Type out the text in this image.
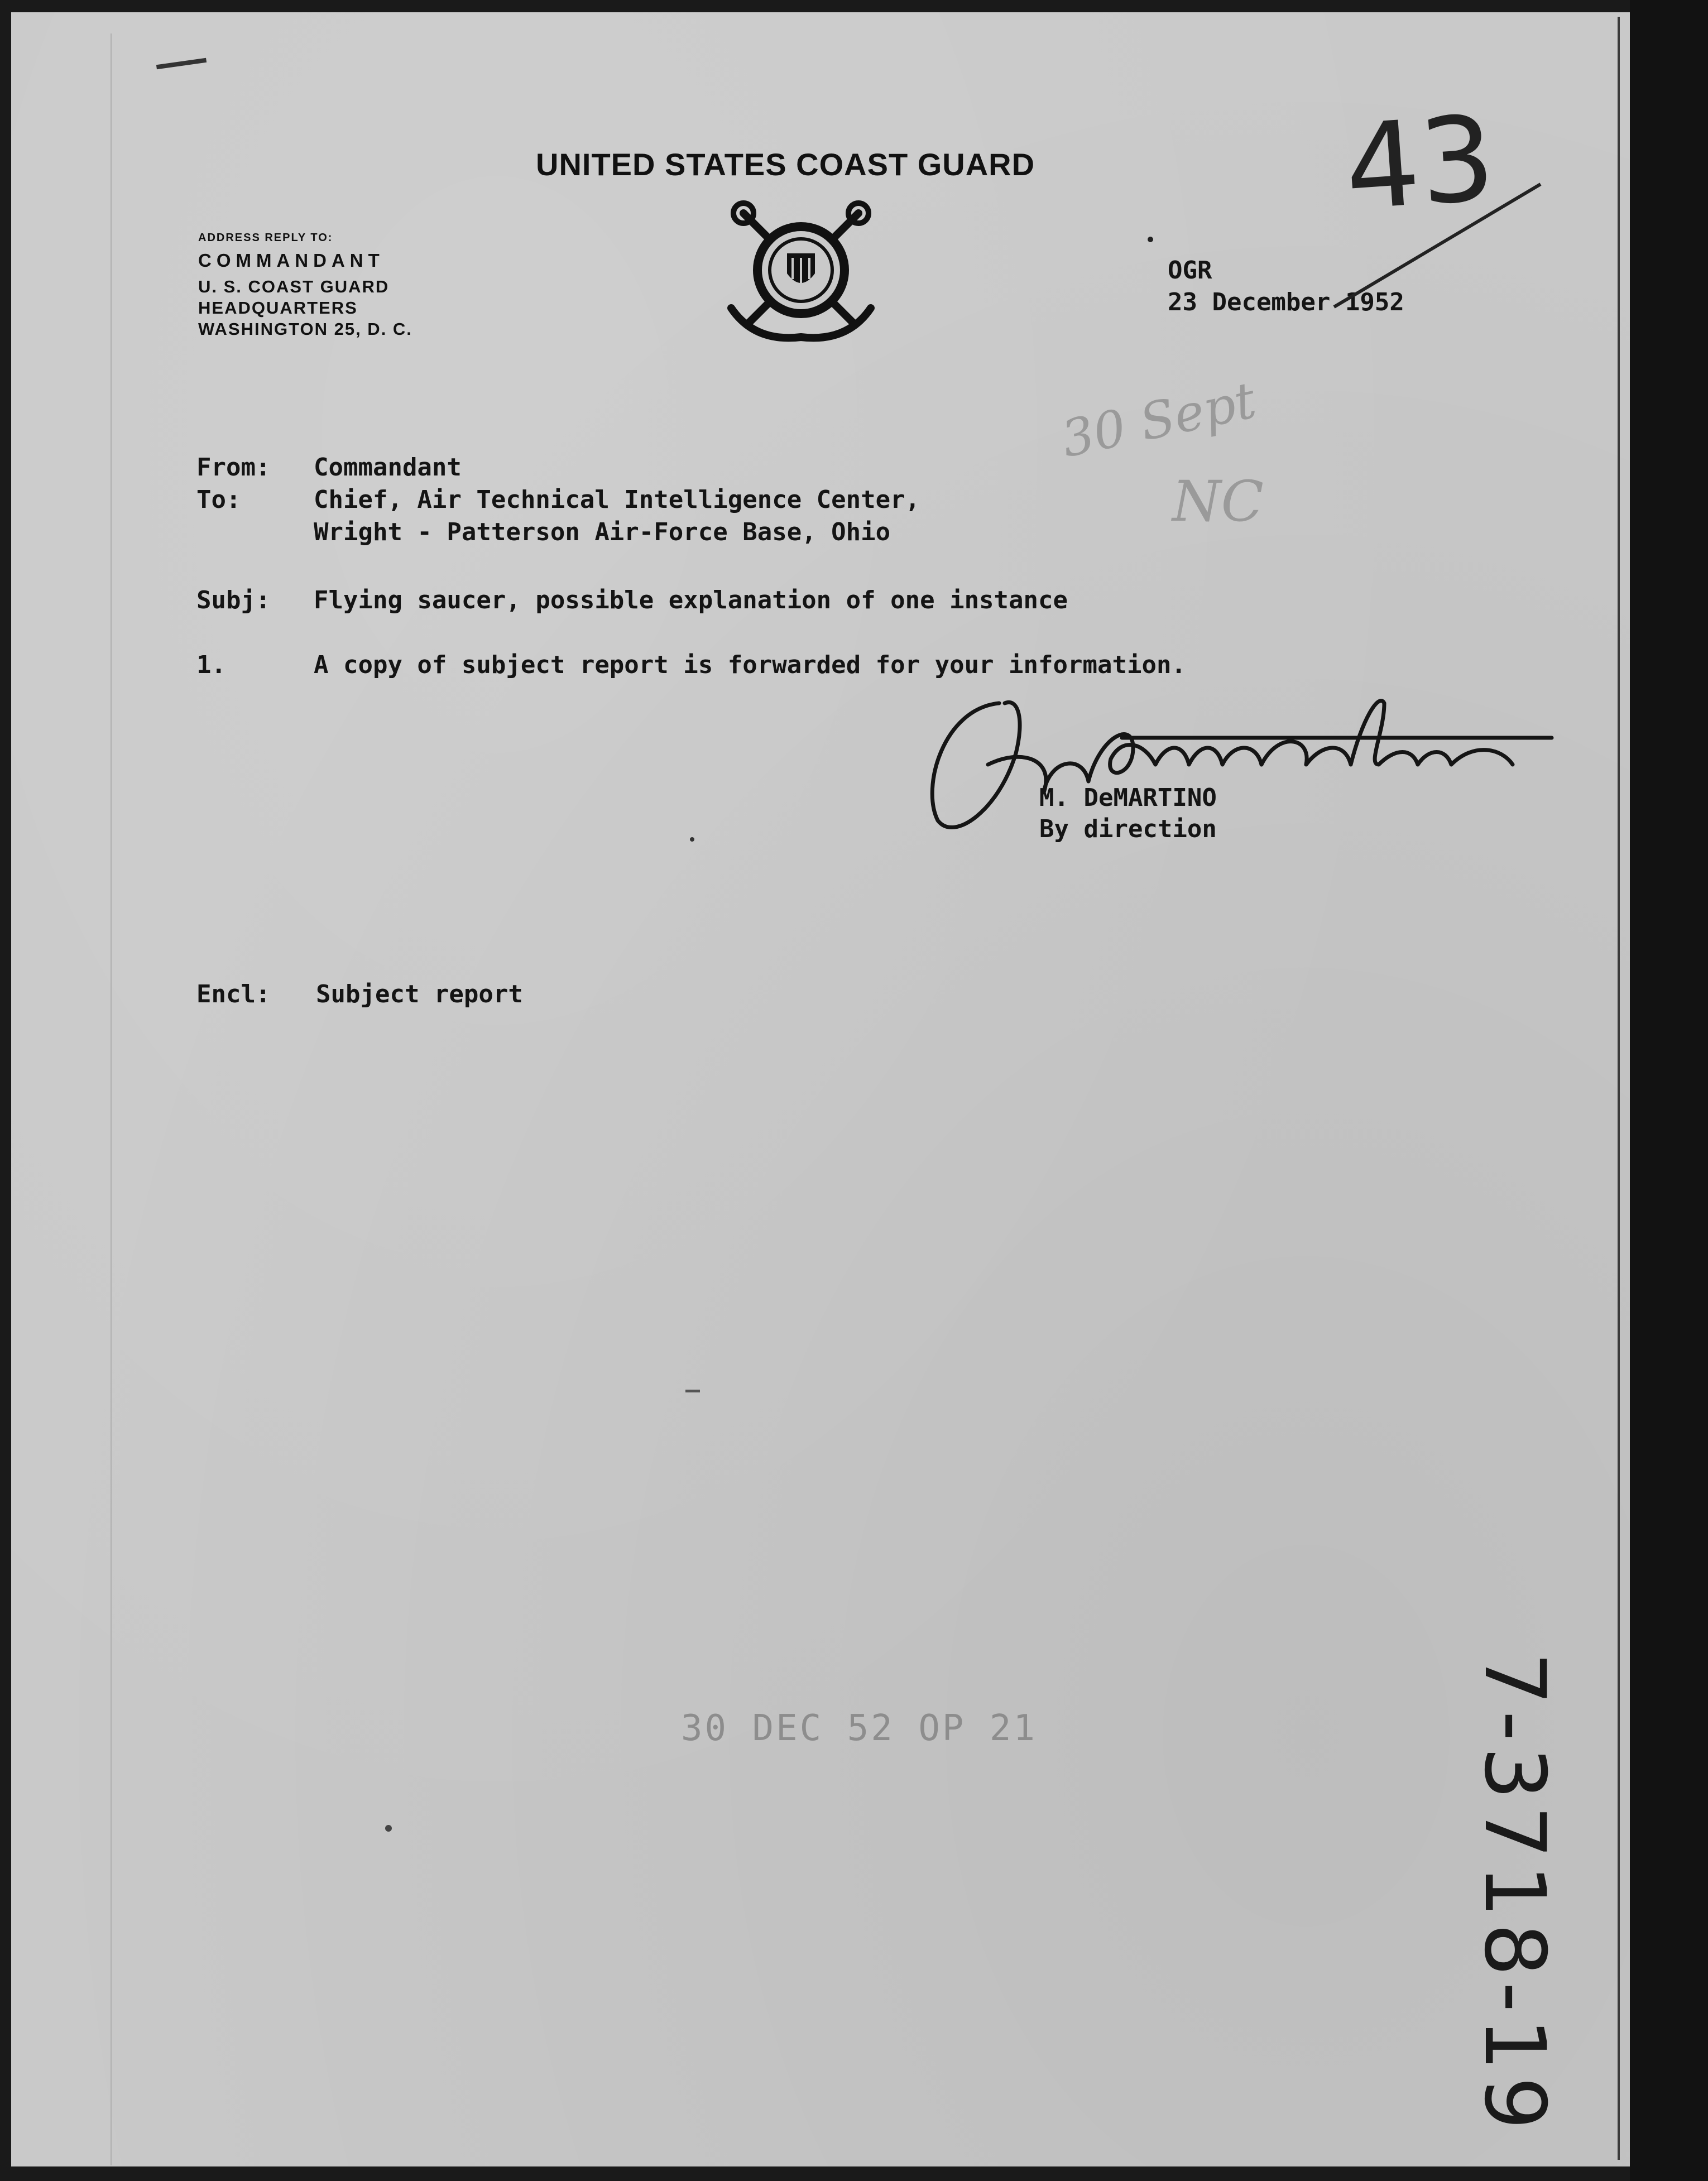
UNITED STATES COAST GUARD
ADDRESS REPLY TO:
COMMANDANT
U. S. COAST GUARD
HEADQUARTERS
WASHINGTON 25, D. C.
OGR
23 December 1952
43
30 Sept
NC
From: Commandant
To:	Chief, Air Technical Intelligence Center,
Wright - Patterson Air-Force Base, Ohio
Subj: Flying saucer, possible explanation of one instance
1.	A copy of subject report is forwarded for your information.
M. DeMARTINO
By direction
Encl: Subject report
30 DEC 52 OP 21	7-3718-19
